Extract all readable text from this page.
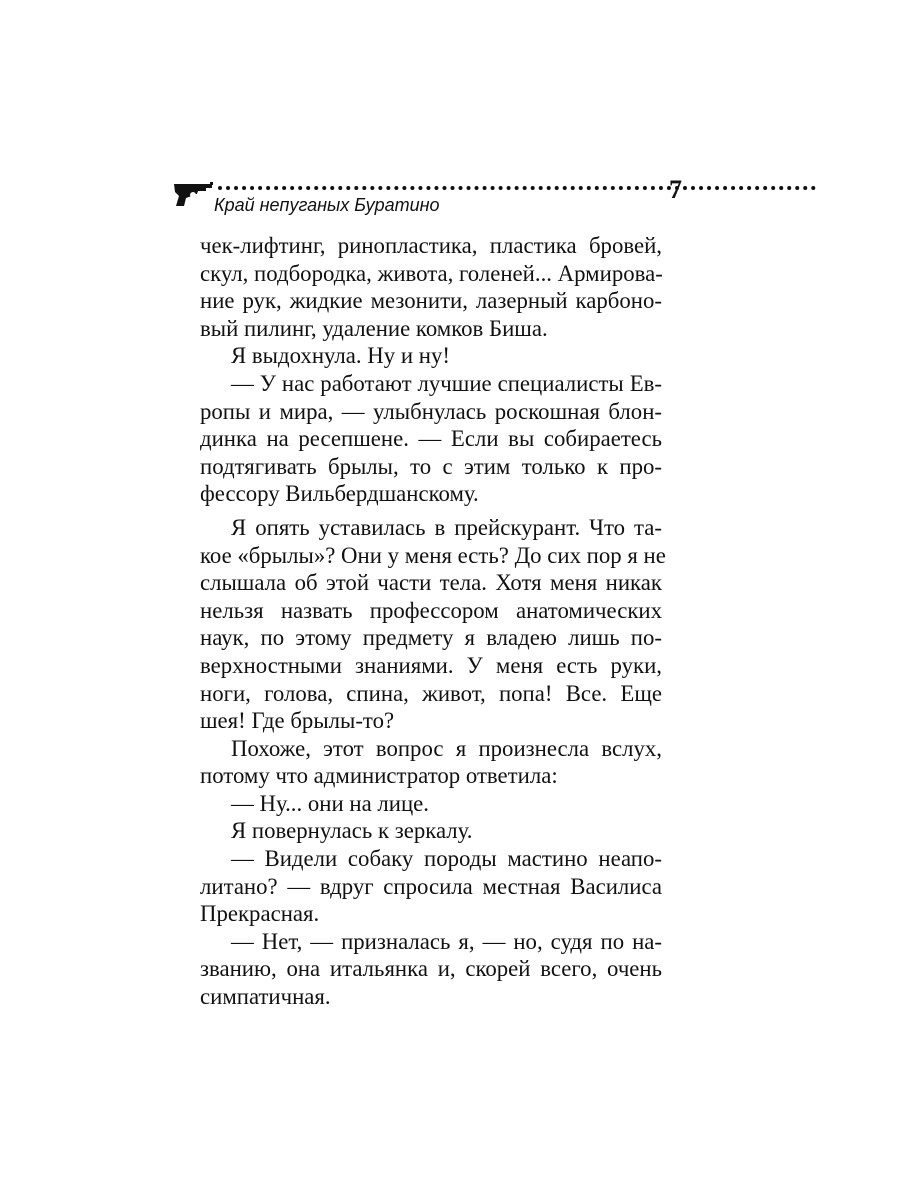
7
Край непуганых Буратино
чек-лифтинг, ринопластика, пластика бровей,
скул, подбородка, живота, голеней... Армирова-
ние рук, жидкие мезонити, лазерный карбоно-
вый пилинг, удаление комков Биша.
Я выдохнула. Ну и ну!
— У нас работают лучшие специалисты Ев-
ропы и мира, — улыбнулась роскошная блон-
динка на ресепшене. — Если вы собираетесь
подтягивать брылы, то с этим только к про-
фессору Вильбердшанскому.
Я опять уставилась в прейскурант. Что та-
кое «брылы»? Они у меня есть? До сих пор я не
слышала об этой части тела. Хотя меня никак
нельзя назвать профессором анатомических
наук, по этому предмету я владею лишь по-
верхностными знаниями. У меня есть руки,
ноги, голова, спина, живот, попа! Все. Еще
шея! Где брылы-то?
Похоже, этот вопрос я произнесла вслух,
потому что администратор ответила:
— Ну... они на лице.
Я повернулась к зеркалу.
— Видели собаку породы мастино неапо-
литано? — вдруг спросила местная Василиса
Прекрасная.
— Нет, — призналась я, — но, судя по на-
званию, она итальянка и, скорей всего, очень
симпатичная.
